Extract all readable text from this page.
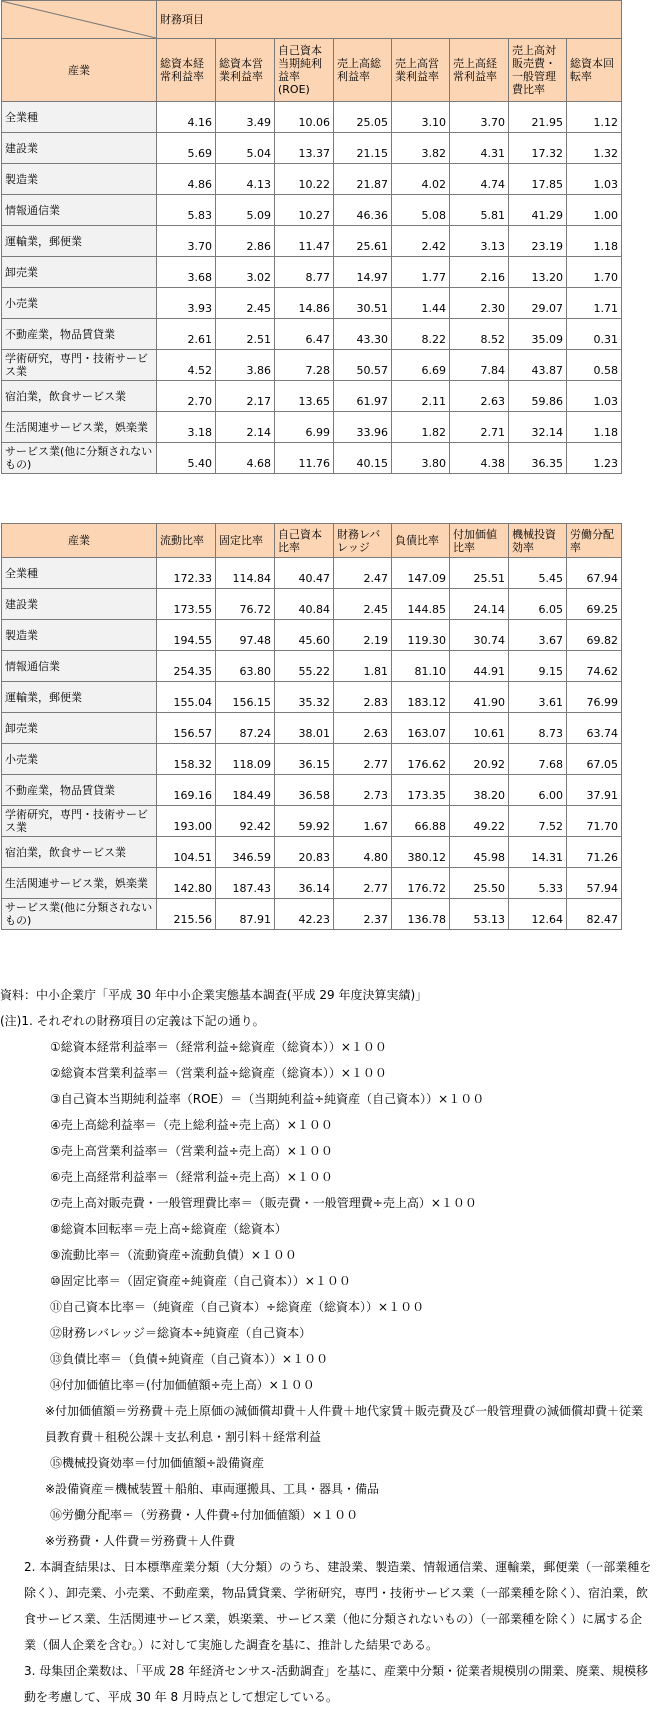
	財務項目							
産業	総資本経常利益率	総資本営業利益率	自己資本当期純利益率(ROE)	売上高総利益率	売上高営業利益率	売上高経常利益率	売上高対販売費・一般管理費比率	総資本回転率
全業種	4.16	3.49	10.06	25.05	3.10	3.70	21.95	1.12
建設業	5.69	5.04	13.37	21.15	3.82	4.31	17.32	1.32
製造業	4.86	4.13	10.22	21.87	4.02	4.74	17.85	1.03
情報通信業	5.83	5.09	10.27	46.36	5.08	5.81	41.29	1.00
運輸業，郵便業	3.70	2.86	11.47	25.61	2.42	3.13	23.19	1.18
卸売業	3.68	3.02	8.77	14.97	1.77	2.16	13.20	1.70
小売業	3.93	2.45	14.86	30.51	1.44	2.30	29.07	1.71
不動産業，物品賃貸業	2.61	2.51	6.47	43.30	8.22	8.52	35.09	0.31
学術研究，専門・技術サービス業	4.52	3.86	7.28	50.57	6.69	7.84	43.87	0.58
宿泊業，飲食サービス業	2.70	2.17	13.65	61.97	2.11	2.63	59.86	1.03
生活関連サービス業，娯楽業	3.18	2.14	6.99	33.96	1.82	2.71	32.14	1.18
サービス業(他に分類されないもの)	5.40	4.68	11.76	40.15	3.80	4.38	36.35	1.23
産業	流動比率	固定比率	自己資本比率	財務レバレッジ	負債比率	付加価値比率	機械投資効率	労働分配率
全業種	172.33	114.84	40.47	2.47	147.09	25.51	5.45	67.94
建設業	173.55	76.72	40.84	2.45	144.85	24.14	6.05	69.25
製造業	194.55	97.48	45.60	2.19	119.30	30.74	3.67	69.82
情報通信業	254.35	63.80	55.22	1.81	81.10	44.91	9.15	74.62
運輸業，郵便業	155.04	156.15	35.32	2.83	183.12	41.90	3.61	76.99
卸売業	156.57	87.24	38.01	2.63	163.07	10.61	8.73	63.74
小売業	158.32	118.09	36.15	2.77	176.62	20.92	7.68	67.05
不動産業，物品賃貸業	169.16	184.49	36.58	2.73	173.35	38.20	6.00	37.91
学術研究，専門・技術サービス業	193.00	92.42	59.92	1.67	66.88	49.22	7.52	71.70
宿泊業，飲食サービス業	104.51	346.59	20.83	4.80	380.12	45.98	14.31	71.26
生活関連サービス業，娯楽業	142.80	187.43	36.14	2.77	176.72	25.50	5.33	57.94
サービス業(他に分類されないもの)	215.56	87.91	42.23	2.37	136.78	53.13	12.64	82.47
資料：中小企業庁「平成 30 年中小企業実態基本調査(平成 29 年度決算実績)」
(注)1. それぞれの財務項目の定義は下記の通り。
①総資本経常利益率＝（経常利益÷総資産（総資本））×１００
②総資本営業利益率＝（営業利益÷総資産（総資本））×１００
③自己資本当期純利益率（ROE）＝（当期純利益÷純資産（自己資本））×１００
④売上高総利益率＝（売上総利益÷売上高）×１００
⑤売上高営業利益率＝（営業利益÷売上高）×１００
⑥売上高経常利益率＝（経常利益÷売上高）×１００
⑦売上高対販売費・一般管理費比率＝（販売費・一般管理費÷売上高）×１００
⑧総資本回転率＝売上高÷総資産（総資本）
⑨流動比率＝（流動資産÷流動負債）×１００
⑩固定比率＝（固定資産÷純資産（自己資本））×１００
⑪自己資本比率＝（純資産（自己資本）÷総資産（総資本））×１００
⑫財務レバレッジ＝総資本÷純資産（自己資本）
⑬負債比率＝（負債÷純資産（自己資本））×１００
⑭付加価値比率＝(付加価値額÷売上高）×１００
※付加価値額＝労務費＋売上原価の減価償却費＋人件費＋地代家賃＋販売費及び一般管理費の減価償却費＋従業員教育費＋租税公課＋支払利息・割引料＋経常利益
⑮機械投資効率＝付加価値額÷設備資産
※設備資産＝機械装置＋船舶、車両運搬具、工具・器具・備品
⑯労働分配率＝（労務費・人件費÷付加価値額）×１００
※労務費・人件費＝労務費＋人件費
2. 本調査結果は、日本標準産業分類（大分類）のうち、建設業、製造業、情報通信業、運輸業，郵便業（一部業種を除く）、卸売業、小売業、不動産業，物品賃貸業、学術研究，専門・技術サービス業（一部業種を除く）、宿泊業，飲食サービス業、生活関連サービス業，娯楽業、サービス業（他に分類されないもの）（一部業種を除く）に属する企業（個人企業を含む。）に対して実施した調査を基に、推計した結果である。
3. 母集団企業数は、「平成 28 年経済センサス-活動調査」を基に、産業中分類・従業者規模別の開業、廃業、規模移動を考慮して、平成 30 年 8 月時点として想定している。
